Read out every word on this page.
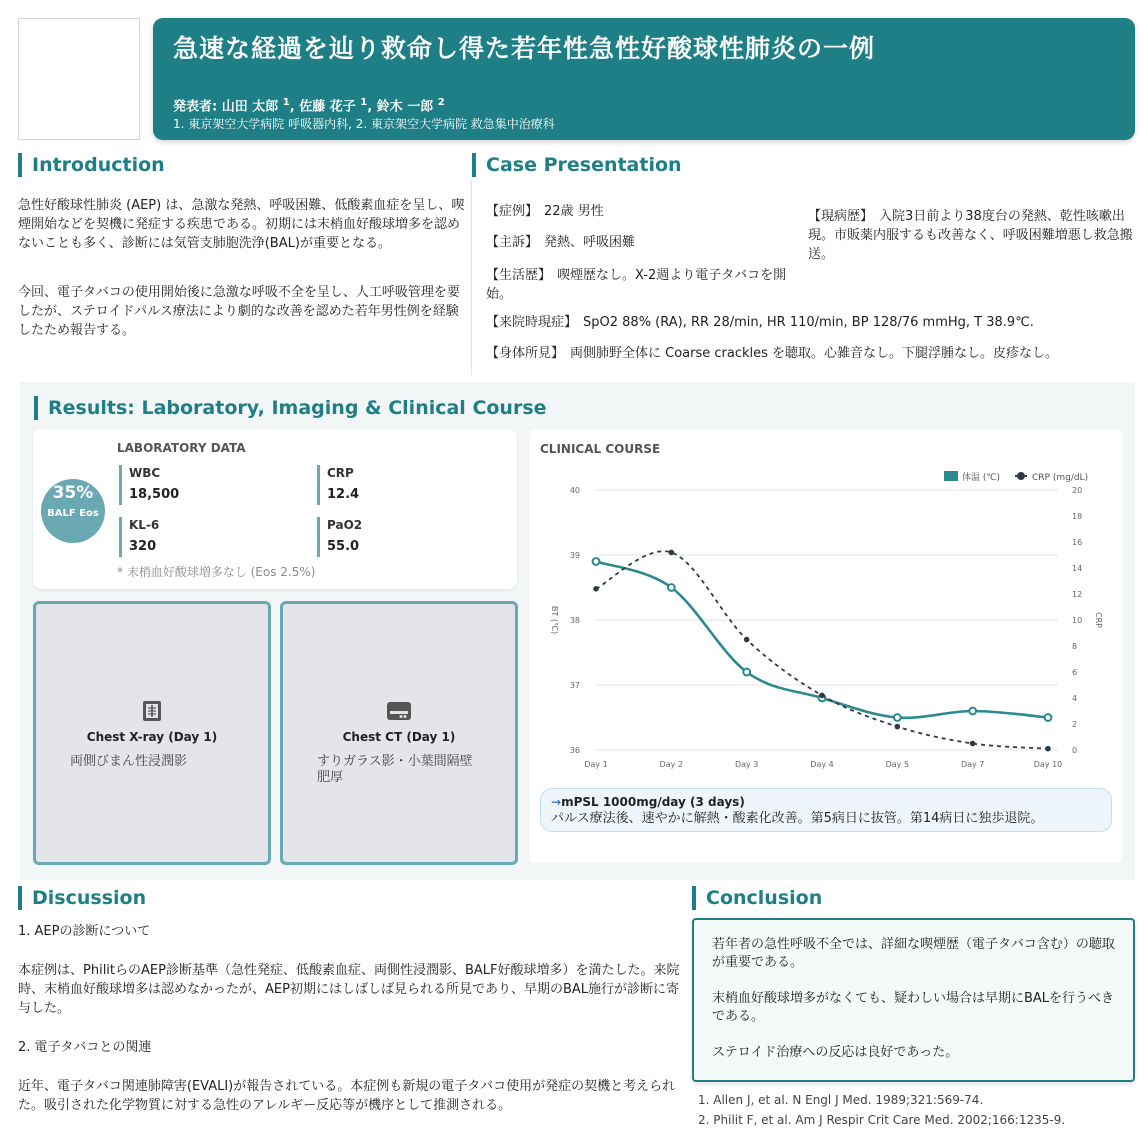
急速な経過を辿り救命し得た若年性急性好酸球性肺炎の一例
発表者: 山田 太郎 $^1$, 佐藤 花子 $^1$, 鈴木 一郎 $^2$
1. 東京架空大学病院 呼吸器内科, 2. 東京架空大学病院 救急集中治療科
Introduction

急性好酸球性肺炎 (AEP) は、急激な発熱、呼吸困難、低酸素血症を呈し、喫煙開始などを契機に発症する疾患である。初期には末梢血好酸球増多を認めないことも多く、診断には気管支肺胞洗浄(BAL)が重要となる。

今回、電子タバコの使用開始後に急激な呼吸不全を呈し、人工呼吸管理を要したが、ステロイドパルス療法により劇的な改善を認めた若年男性例を経験したため報告する。

Case Presentation
【症例】 22歳 男性
【主訴】 発熱、呼吸困難
【生活歴】 喫煙歴なし。X-2週より電子タバコを開始。
【現病歴】 入院3日前より38度台の発熱、乾性咳嗽出現。市販薬内服するも改善なく、呼吸困難増悪し救急搬送。
【来院時現症】 SpO2 88% (RA), RR 28/min, HR 110/min, BP 128/76 mmHg, T 38.9℃.
【身体所見】 両側肺野全体に Coarse crackles を聴取。心雑音なし。下腿浮腫なし。皮疹なし。
Results: Laboratory, Imaging & Clinical Course
35%
BALF Eos
LABORATORY DATA
WBC
18,500
CRP
12.4
KL-6
320
PaO2
55.0
* 末梢血好酸球増多なし (Eos 2.5%)
Chest X-ray (Day 1)
両側びまん性浸潤影
Chest CT (Day 1)
すりガラス影・小葉間隔壁肥厚
CLINICAL COURSE
36
37
38
39
40
0
2
4
6
8
10
12
14
16
18
20
Day 1	Day 2	Day 3	Day 4	Day 5	Day 7	Day 10
BT (℃)	CRP
体温 (℃)	CRP (mg/dL)
→mPSL 1000mg/day (3 days)
パルス療法後、速やかに解熱・酸素化改善。第5病日に抜管。第14病日に独歩退院。
Discussion

1. AEPの診断について

本症例は、PhilitらのAEP診断基準（急性発症、低酸素血症、両側性浸潤影、BALF好酸球増多）を満たした。来院時、末梢血好酸球増多は認めなかったが、AEP初期にはしばしば見られる所見であり、早期のBAL施行が診断に寄与した。

2. 電子タバコとの関連

近年、電子タバコ関連肺障害(EVALI)が報告されている。本症例も新規の電子タバコ使用が発症の契機と考えられた。吸引された化学物質に対する急性のアレルギー反応等が機序として推測される。

Conclusion

若年者の急性呼吸不全では、詳細な喫煙歴（電子タバコ含む）の聴取が重要である。

末梢血好酸球増多がなくても、疑わしい場合は早期にBALを行うべきである。

ステロイド治療への反応は良好であった。

1. Allen J, et al. N Engl J Med. 1989;321:569-74.
2. Philit F, et al. Am J Respir Crit Care Med. 2002;166:1235-9.
